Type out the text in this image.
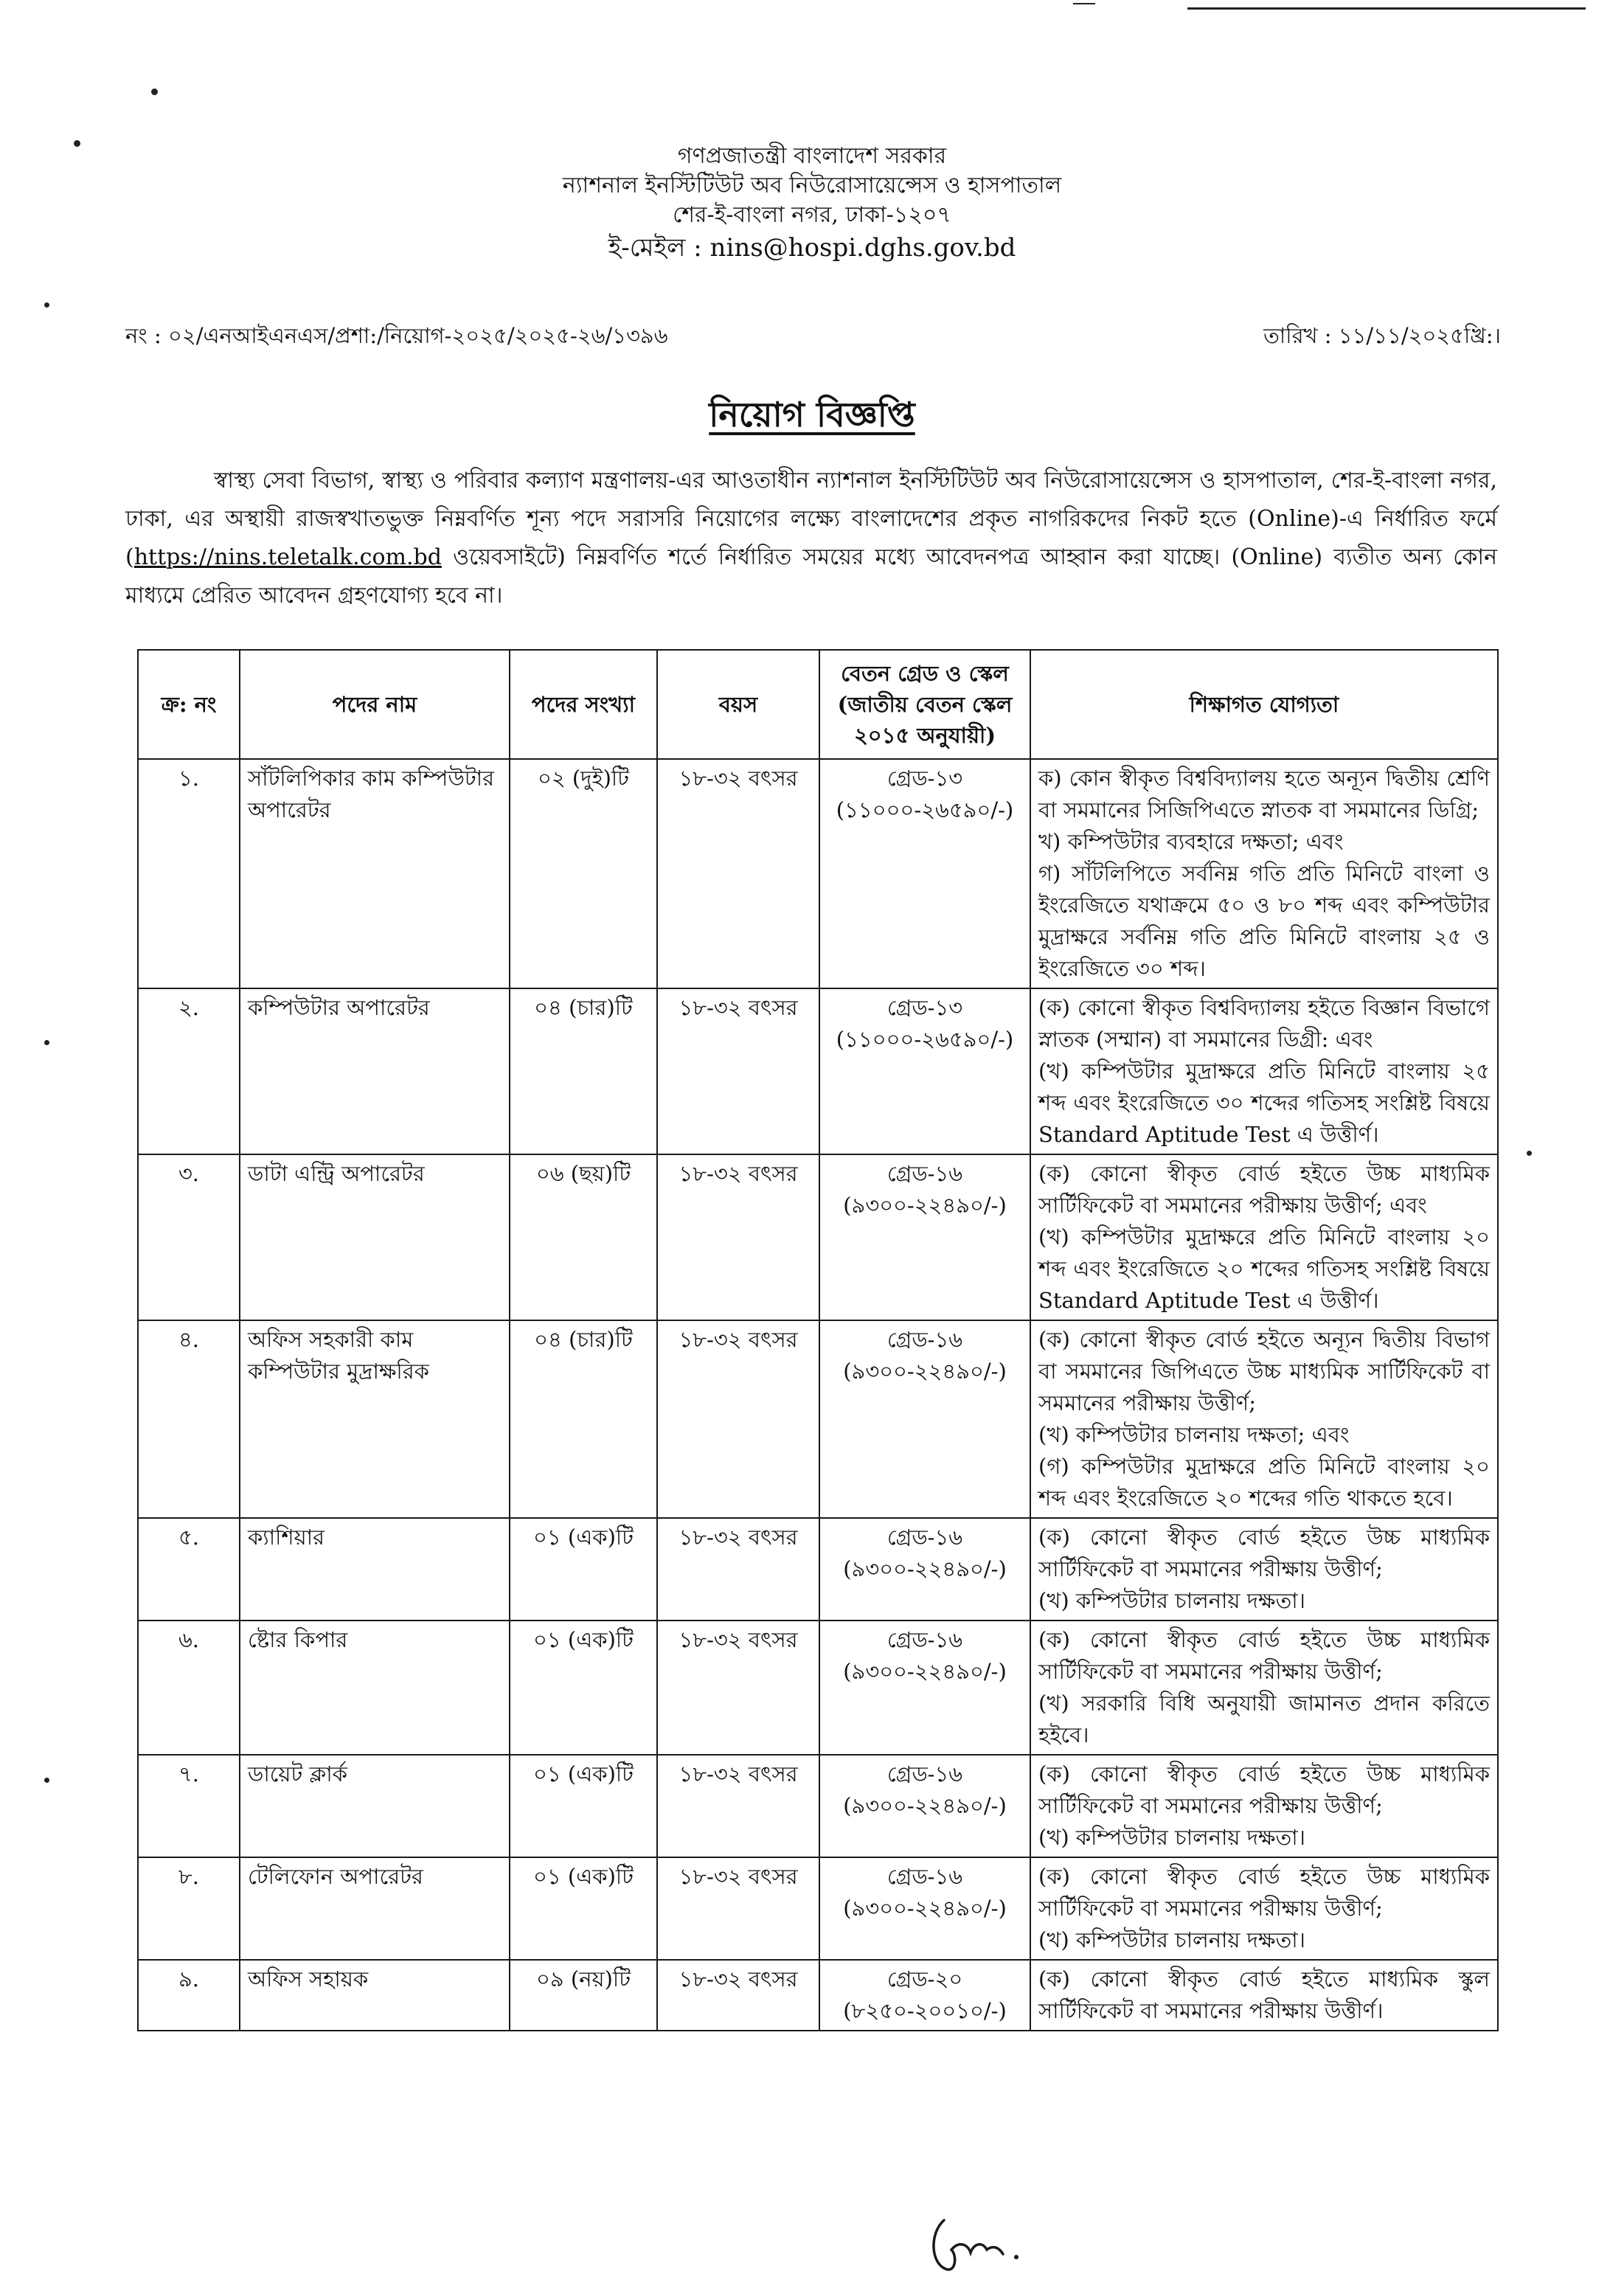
গণপ্রজাতন্ত্রী বাংলাদেশ সরকার
ন্যাশনাল ইনস্টিটিউট অব নিউরোসায়েন্সেস ও হাসপাতাল
শের-ই-বাংলা নগর, ঢাকা-১২০৭
ই-মেইল : nins@hospi.dghs.gov.bd
নং : ০২/এনআইএনএস/প্রশা:/নিয়োগ-২০২৫/২০২৫-২৬/১৩৯৬	তারিখ : ১১/১১/২০২৫খ্রি:।
নিয়োগ বিজ্ঞপ্তি

স্বাস্থ্য সেবা বিভাগ, স্বাস্থ্য ও পরিবার কল্যাণ মন্ত্রণালয়-এর আওতাধীন ন্যাশনাল ইনস্টিটিউট অব নিউরোসায়েন্সেস ও হাসপাতাল, শের-ই-বাংলা নগর, ঢাকা, এর অস্থায়ী রাজস্বখাতভুক্ত নিম্নবর্ণিত শূন্য পদে সরাসরি নিয়োগের লক্ষ্যে বাংলাদেশের প্রকৃত নাগরিকদের নিকট হতে (Online)-এ নির্ধারিত ফর্মে (https://nins.teletalk.com.bd ওয়েবসাইটে) নিম্নবর্ণিত শর্তে নির্ধারিত সময়ের মধ্যে আবেদনপত্র আহ্বান করা যাচ্ছে। (Online) ব্যতীত অন্য কোন মাধ্যমে প্রেরিত আবেদন গ্রহণযোগ্য হবে না।

ক্র: নং	পদের নাম	পদের সংখ্যা	বয়স	বেতন গ্রেড ও স্কেল
(জাতীয় বেতন স্কেল
২০১৫ অনুযায়ী)	শিক্ষাগত যোগ্যতা
১.	সাঁটলিপিকার কাম কম্পিউটার অপারেটর	০২ (দুই)টি	১৮-৩২ বৎসর	গ্রেড-১৩
(১১০০০-২৬৫৯০/-)	ক) কোন স্বীকৃত বিশ্ববিদ্যালয় হতে অন্যূন দ্বিতীয় শ্রেণি বা সমমানের সিজিপিএতে স্নাতক বা সমমানের ডিগ্রি;
খ) কম্পিউটার ব্যবহারে দক্ষতা; এবং
গ) সাঁটলিপিতে সর্বনিম্ন গতি প্রতি মিনিটে বাংলা ও ইংরেজিতে যথাক্রমে ৫০ ও ৮০ শব্দ এবং কম্পিউটার মুদ্রাক্ষরে সর্বনিম্ন গতি প্রতি মিনিটে বাংলায় ২৫ ও ইংরেজিতে ৩০ শব্দ।

২.	কম্পিউটার অপারেটর	০৪ (চার)টি	১৮-৩২ বৎসর	গ্রেড-১৩
(১১০০০-২৬৫৯০/-)	(ক) কোনো স্বীকৃত বিশ্ববিদ্যালয় হইতে বিজ্ঞান বিভাগে স্নাতক (সম্মান) বা সমমানের ডিগ্রী: এবং
(খ) কম্পিউটার মুদ্রাক্ষরে প্রতি মিনিটে বাংলায় ২৫ শব্দ এবং ইংরেজিতে ৩০ শব্দের গতিসহ সংশ্লিষ্ট বিষয়ে Standard Aptitude Test এ উত্তীর্ণ।

৩.	ডাটা এন্ট্রি অপারেটর	০৬ (ছয়)টি	১৮-৩২ বৎসর	গ্রেড-১৬
(৯৩০০-২২৪৯০/-)	(ক) কোনো স্বীকৃত বোর্ড হইতে উচ্চ মাধ্যমিক সার্টিফিকেট বা সমমানের পরীক্ষায় উত্তীর্ণ; এবং
(খ) কম্পিউটার মুদ্রাক্ষরে প্রতি মিনিটে বাংলায় ২০ শব্দ এবং ইংরেজিতে ২০ শব্দের গতিসহ সংশ্লিষ্ট বিষয়ে Standard Aptitude Test এ উত্তীর্ণ।

৪.	অফিস সহকারী কাম কম্পিউটার মুদ্রাক্ষরিক	০৪ (চার)টি	১৮-৩২ বৎসর	গ্রেড-১৬
(৯৩০০-২২৪৯০/-)	(ক) কোনো স্বীকৃত বোর্ড হইতে অন্যূন দ্বিতীয় বিভাগ বা সমমানের জিপিএতে উচ্চ মাধ্যমিক সার্টিফিকেট বা সমমানের পরীক্ষায় উত্তীর্ণ;
(খ) কম্পিউটার চালনায় দক্ষতা; এবং
(গ) কম্পিউটার মুদ্রাক্ষরে প্রতি মিনিটে বাংলায় ২০ শব্দ এবং ইংরেজিতে ২০ শব্দের গতি থাকতে হবে।

৫.	ক্যাশিয়ার	০১ (এক)টি	১৮-৩২ বৎসর	গ্রেড-১৬
(৯৩০০-২২৪৯০/-)	(ক) কোনো স্বীকৃত বোর্ড হইতে উচ্চ মাধ্যমিক সার্টিফিকেট বা সমমানের পরীক্ষায় উত্তীর্ণ;
(খ) কম্পিউটার চালনায় দক্ষতা।

৬.	ষ্টোর কিপার	০১ (এক)টি	১৮-৩২ বৎসর	গ্রেড-১৬
(৯৩০০-২২৪৯০/-)	(ক) কোনো স্বীকৃত বোর্ড হইতে উচ্চ মাধ্যমিক সার্টিফিকেট বা সমমানের পরীক্ষায় উত্তীর্ণ;
(খ) সরকারি বিধি অনুযায়ী জামানত প্রদান করিতে হইবে।

৭.	ডায়েট ক্লার্ক	০১ (এক)টি	১৮-৩২ বৎসর	গ্রেড-১৬
(৯৩০০-২২৪৯০/-)	(ক) কোনো স্বীকৃত বোর্ড হইতে উচ্চ মাধ্যমিক সার্টিফিকেট বা সমমানের পরীক্ষায় উত্তীর্ণ;
(খ) কম্পিউটার চালনায় দক্ষতা।

৮.	টেলিফোন অপারেটর	০১ (এক)টি	১৮-৩২ বৎসর	গ্রেড-১৬
(৯৩০০-২২৪৯০/-)	(ক) কোনো স্বীকৃত বোর্ড হইতে উচ্চ মাধ্যমিক সার্টিফিকেট বা সমমানের পরীক্ষায় উত্তীর্ণ;
(খ) কম্পিউটার চালনায় দক্ষতা।

৯.	অফিস সহায়ক	০৯ (নয়)টি	১৮-৩২ বৎসর	গ্রেড-২০
(৮২৫০-২০০১০/-)	(ক) কোনো স্বীকৃত বোর্ড হইতে মাধ্যমিক স্কুল সার্টিফিকেট বা সমমানের পরীক্ষায় উত্তীর্ণ।
